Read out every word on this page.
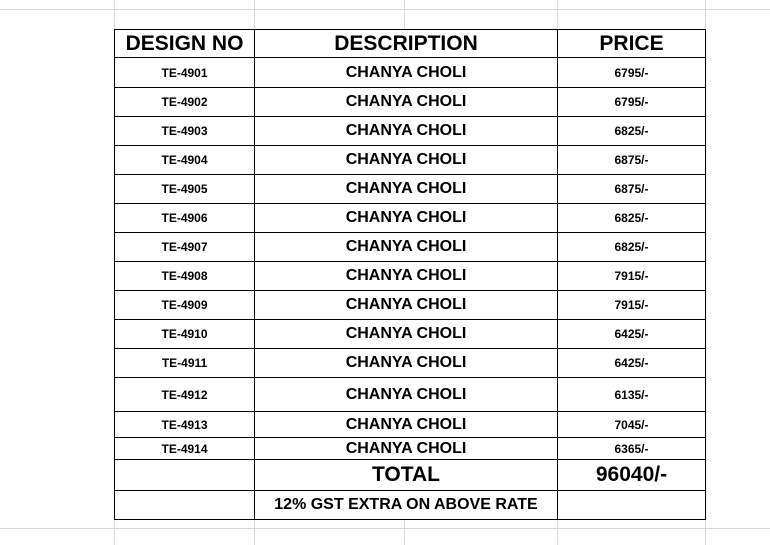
DESIGN NO	DESCRIPTION	PRICE
TE-4901	CHANYA CHOLI	6795/-
TE-4902	CHANYA CHOLI	6795/-
TE-4903	CHANYA CHOLI	6825/-
TE-4904	CHANYA CHOLI	6875/-
TE-4905	CHANYA CHOLI	6875/-
TE-4906	CHANYA CHOLI	6825/-
TE-4907	CHANYA CHOLI	6825/-
TE-4908	CHANYA CHOLI	7915/-
TE-4909	CHANYA CHOLI	7915/-
TE-4910	CHANYA CHOLI	6425/-
TE-4911	CHANYA CHOLI	6425/-
TE-4912	CHANYA CHOLI	6135/-
TE-4913	CHANYA CHOLI	7045/-
TE-4914	CHANYA CHOLI	6365/-
	TOTAL	96040/-
	12% GST EXTRA ON ABOVE RATE	
